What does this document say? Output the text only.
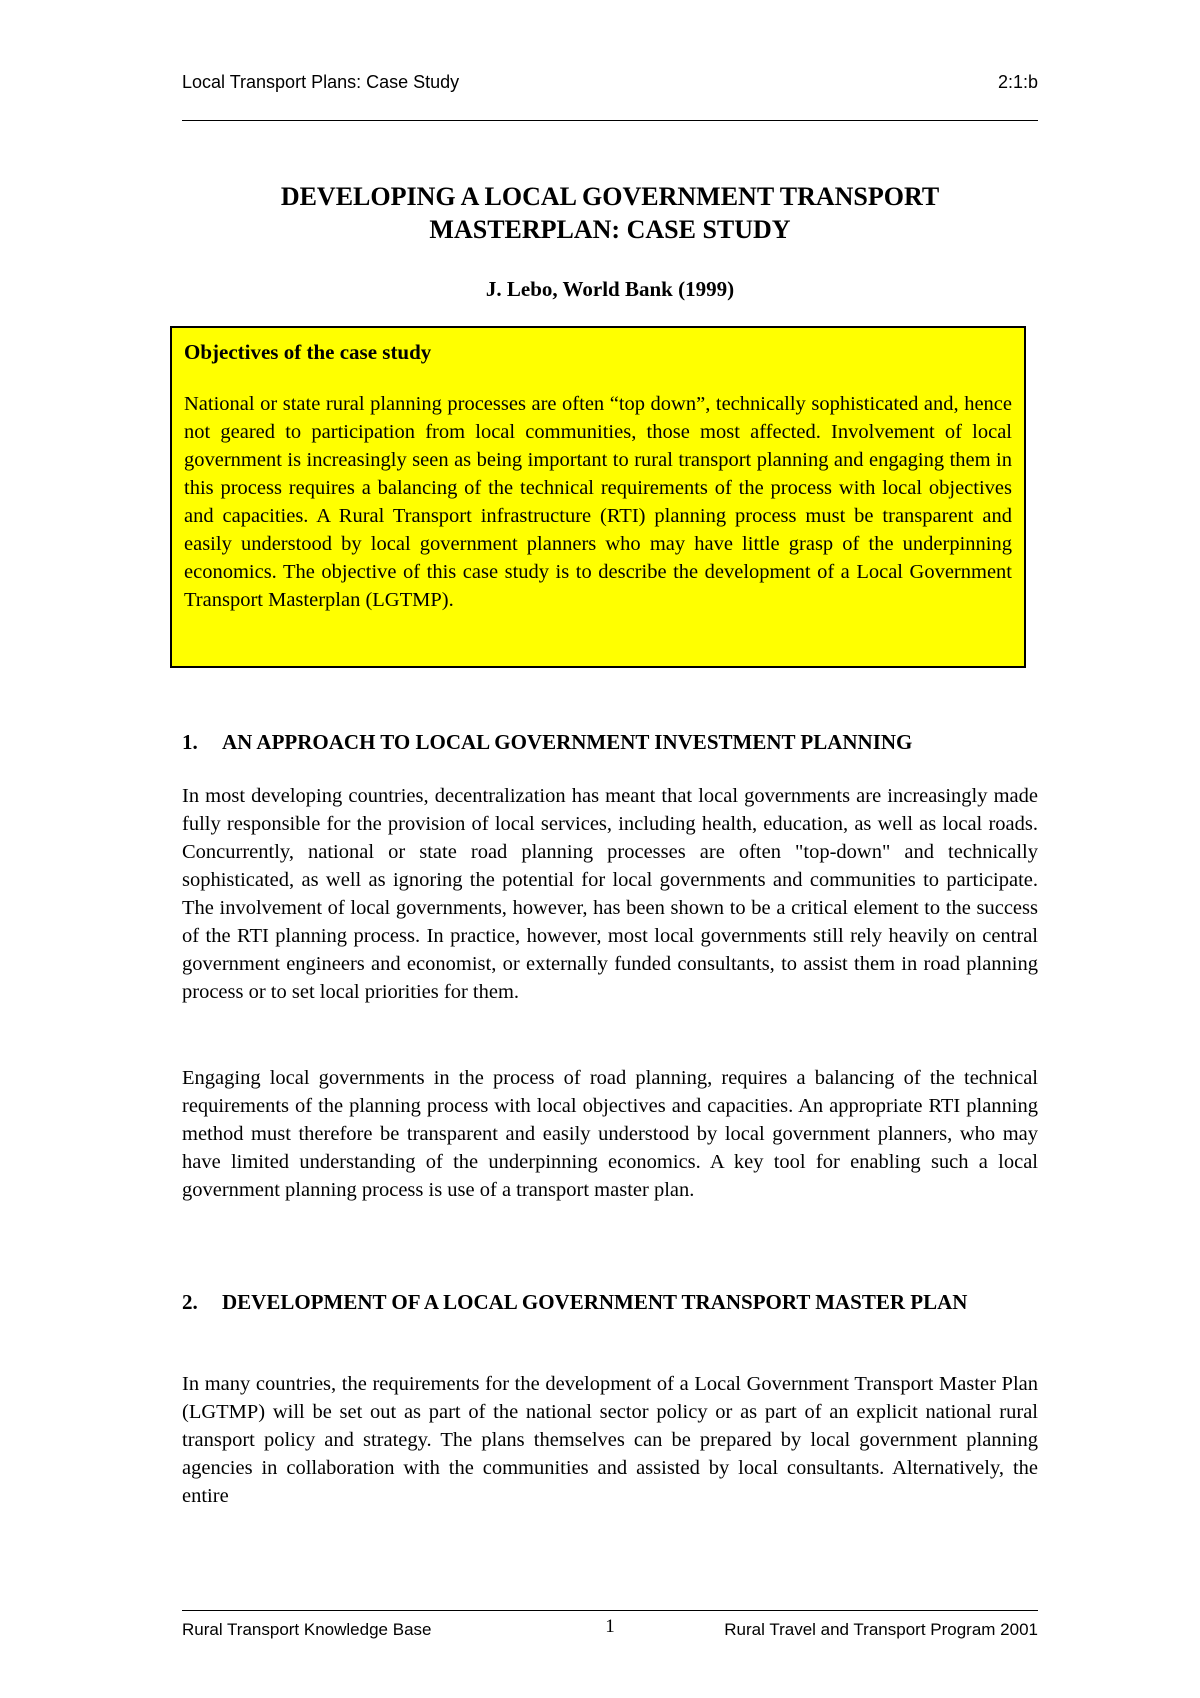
Local Transport Plans: Case Study	2:1:b
DEVELOPING A LOCAL GOVERNMENT TRANSPORT
MASTERPLAN: CASE STUDY
J. Lebo, World Bank (1999)
Objectives of the case study

National or state rural planning processes are often “top down”, technically sophisticated and, hence not geared to participation from local communities, those most affected. Involvement of local government is increasingly seen as being important to rural transport planning and engaging them in this process requires a balancing of the technical requirements of the process with local objectives and capacities. A Rural Transport infrastructure (RTI) planning process must be transparent and easily understood by local government planners who may have little grasp of the underpinning economics. The objective of this case study is to describe the development of a Local Government Transport Masterplan (LGTMP).

1.	AN APPROACH TO LOCAL GOVERNMENT INVESTMENT PLANNING

In most developing countries, decentralization has meant that local governments are increasingly made fully responsible for the provision of local services, including health, education, as well as local roads. Concurrently, national or state road planning processes are often "top-down" and technically sophisticated, as well as ignoring the potential for local governments and communities to participate. The involvement of local governments, however, has been shown to be a critical element to the success of the RTI planning process. In practice, however, most local governments still rely heavily on central government engineers and economist, or externally funded consultants, to assist them in road planning process or to set local priorities for them.

Engaging local governments in the process of road planning, requires a balancing of the technical requirements of the planning process with local objectives and capacities. An appropriate RTI planning method must therefore be transparent and easily understood by local government planners, who may have limited understanding of the underpinning economics. A key tool for enabling such a local government planning process is use of a transport master plan.

2.	DEVELOPMENT OF A LOCAL GOVERNMENT TRANSPORT MASTER PLAN

In many countries, the requirements for the development of a Local Government Transport Master Plan (LGTMP) will be set out as part of the national sector policy or as part of an explicit national rural transport policy and strategy. The plans themselves can be prepared by local government planning agencies in collaboration with the communities and assisted by local consultants. Alternatively, the entire

Rural Transport Knowledge Base	1	Rural Travel and Transport Program 2001
